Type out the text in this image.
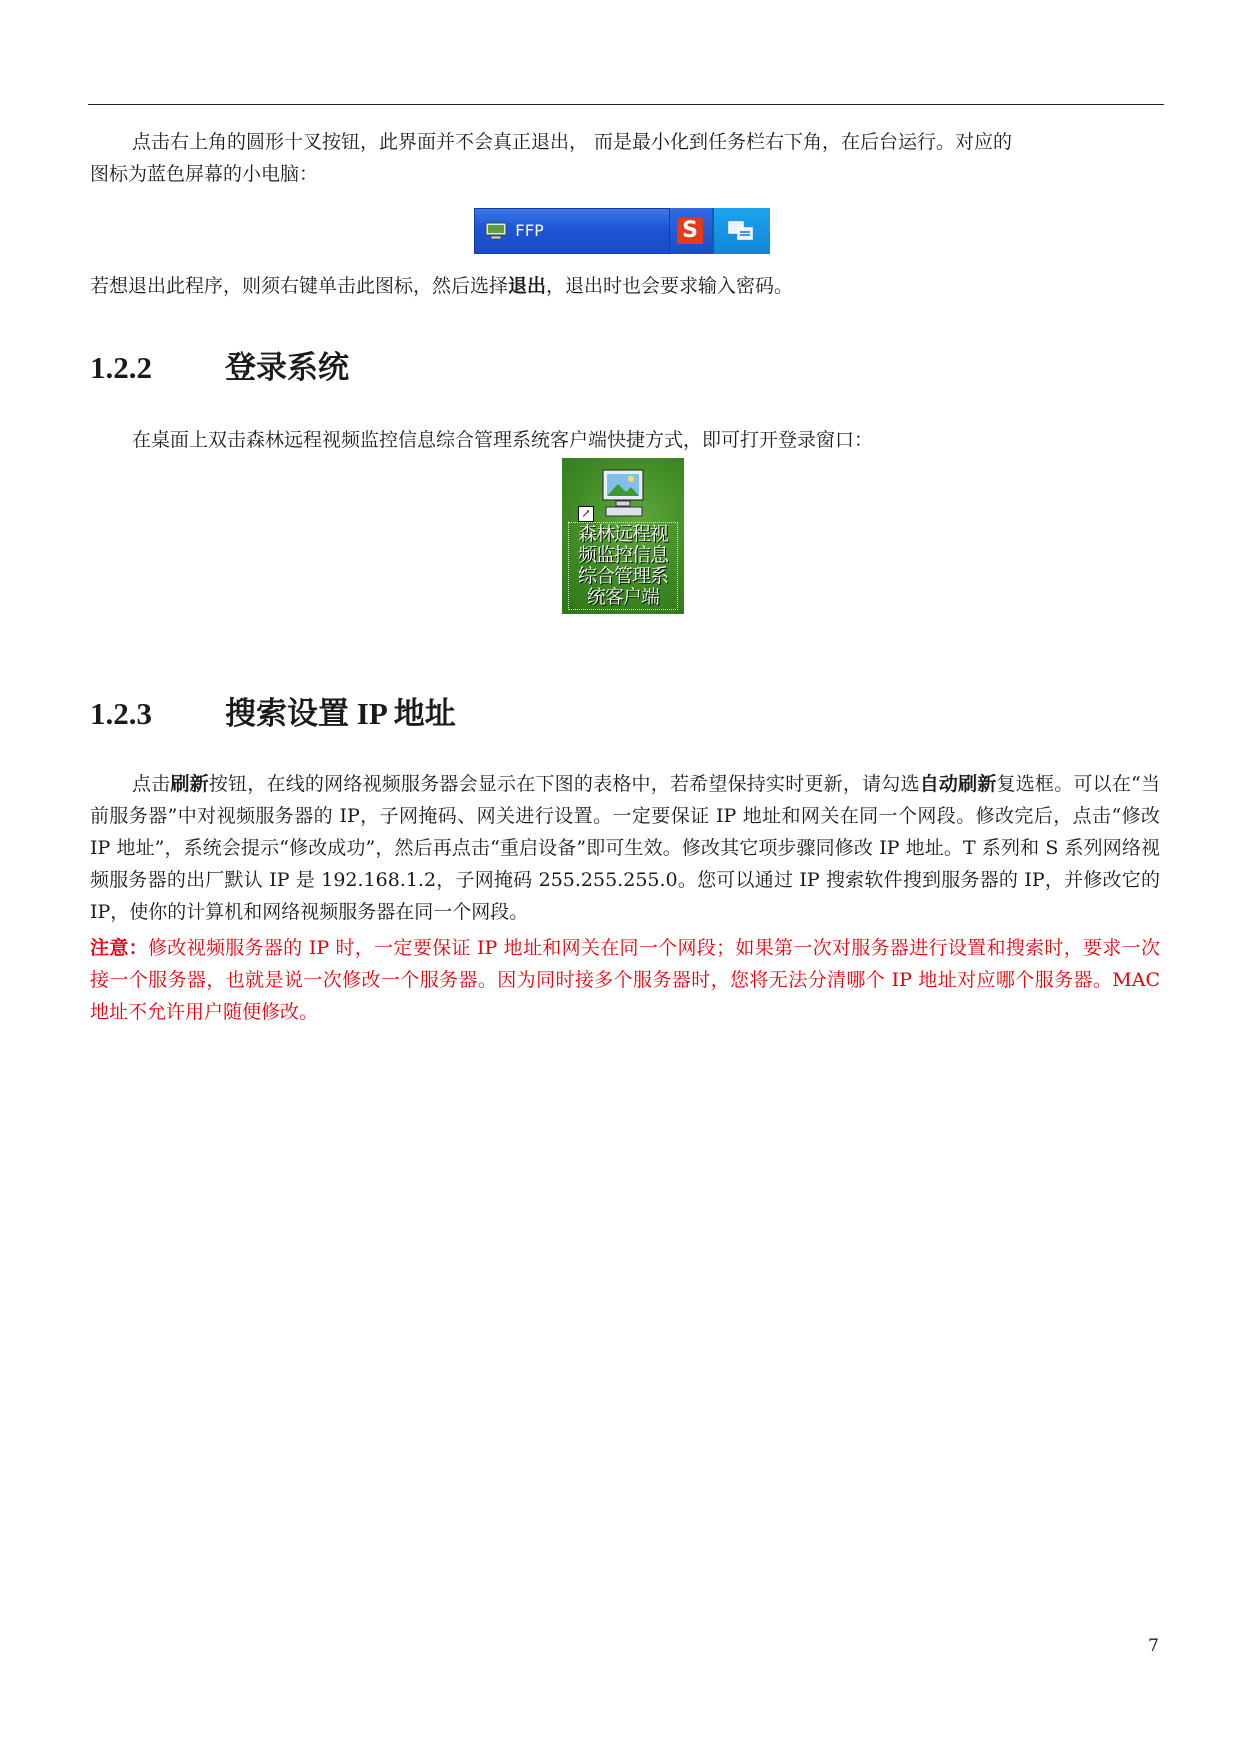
点击右上角的圆形十叉按钮，此界面并不会真正退出， 而是最小化到任务栏右下角，在后台运行。对应的
图标为蓝色屏幕的小电脑：
FFP	S
若想退出此程序，则须右键单击此图标，然后选择退出，退出时也会要求输入密码。
1.2.2 登录系统
在桌面上双击森林远程视频监控信息综合管理系统客户端快捷方式，即可打开登录窗口：
↗
森林远程视
频监控信息
综合管理系
统客户端
1.2.3 搜索设置 IP 地址
点击刷新按钮，在线的网络视频服务器会显示在下图的表格中，若希望保持实时更新，请勾选自动刷新复选框。可以在“当前服务器”中对视频服务器的 IP，子网掩码、网关进行设置。一定要保证 IP 地址和网关在同一个网段。修改完后，点击“修改 IP 地址”，系统会提示“修改成功”，然后再点击“重启设备”即可生效。修改其它项步骤同修改 IP 地址。T 系列和 S 系列网络视频服务器的出厂默认 IP 是 192.168.1.2，子网掩码 255.255.255.0。您可以通过 IP 搜索软件搜到服务器的 IP，并修改它的 IP，使你的计算机和网络视频服务器在同一个网段。
注意：修改视频服务器的 IP 时，一定要保证 IP 地址和网关在同一个网段；如果第一次对服务器进行设置和搜索时，要求一次接一个服务器，也就是说一次修改一个服务器。因为同时接多个服务器时，您将无法分清哪个 IP 地址对应哪个服务器。MAC 地址不允许用户随便修改。
7
